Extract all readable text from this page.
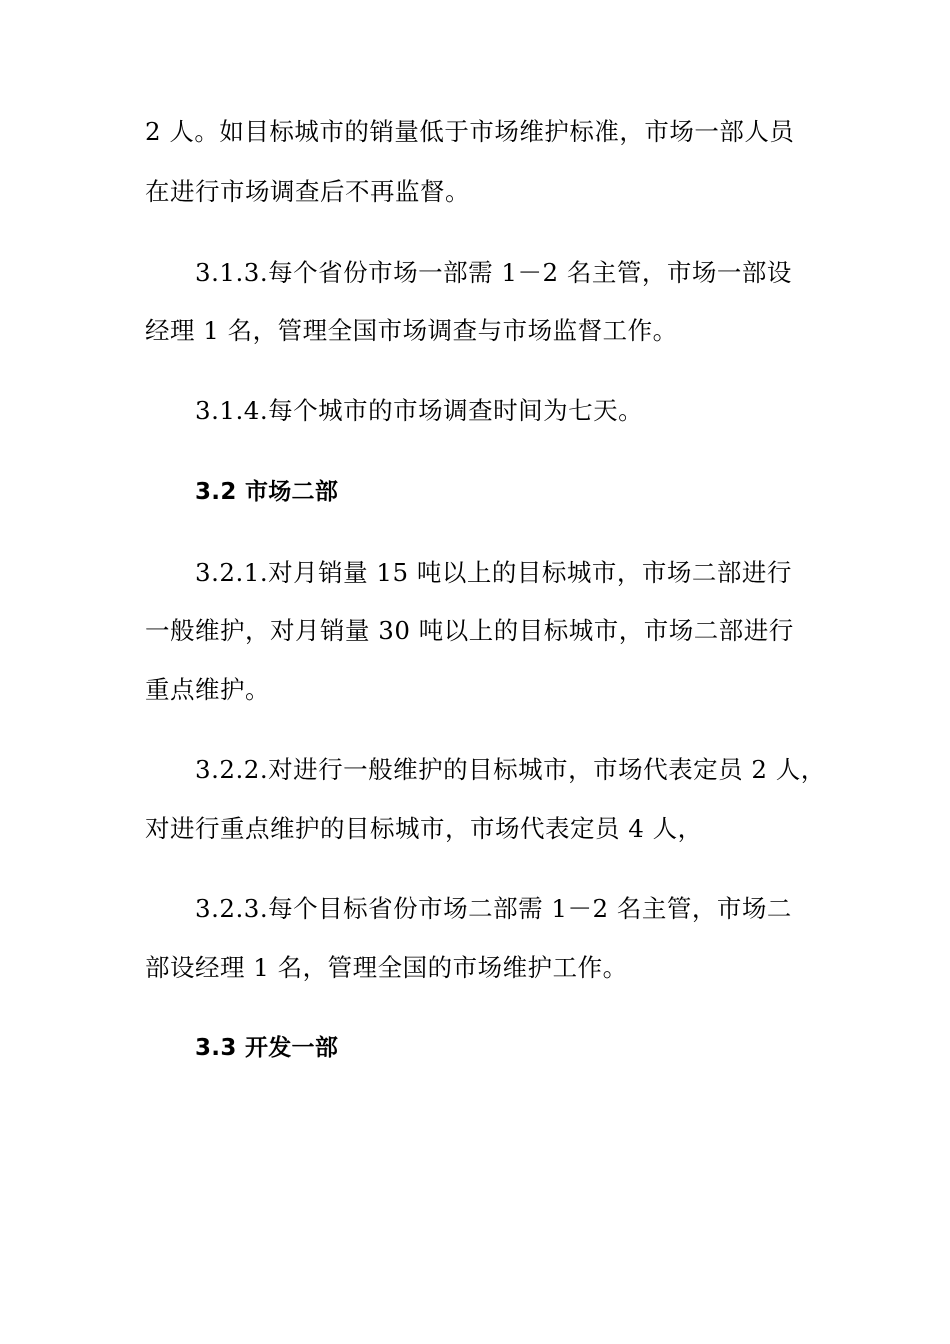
2 人。如目标城市的销量低于市场维护标准，市场一部人员
在进行市场调查后不再监督。
3.1.3.每个省份市场一部需 1－2 名主管，市场一部设
经理 1 名，管理全国市场调查与市场监督工作。
3.1.4.每个城市的市场调查时间为七天。
3.2 市场二部
3.2.1.对月销量 15 吨以上的目标城市，市场二部进行
一般维护，对月销量 30 吨以上的目标城市，市场二部进行
重点维护。
3.2.2.对进行一般维护的目标城市，市场代表定员 2 人，
对进行重点维护的目标城市，市场代表定员 4 人，
3.2.3.每个目标省份市场二部需 1－2 名主管，市场二
部设经理 1 名，管理全国的市场维护工作。
3.3 开发一部
